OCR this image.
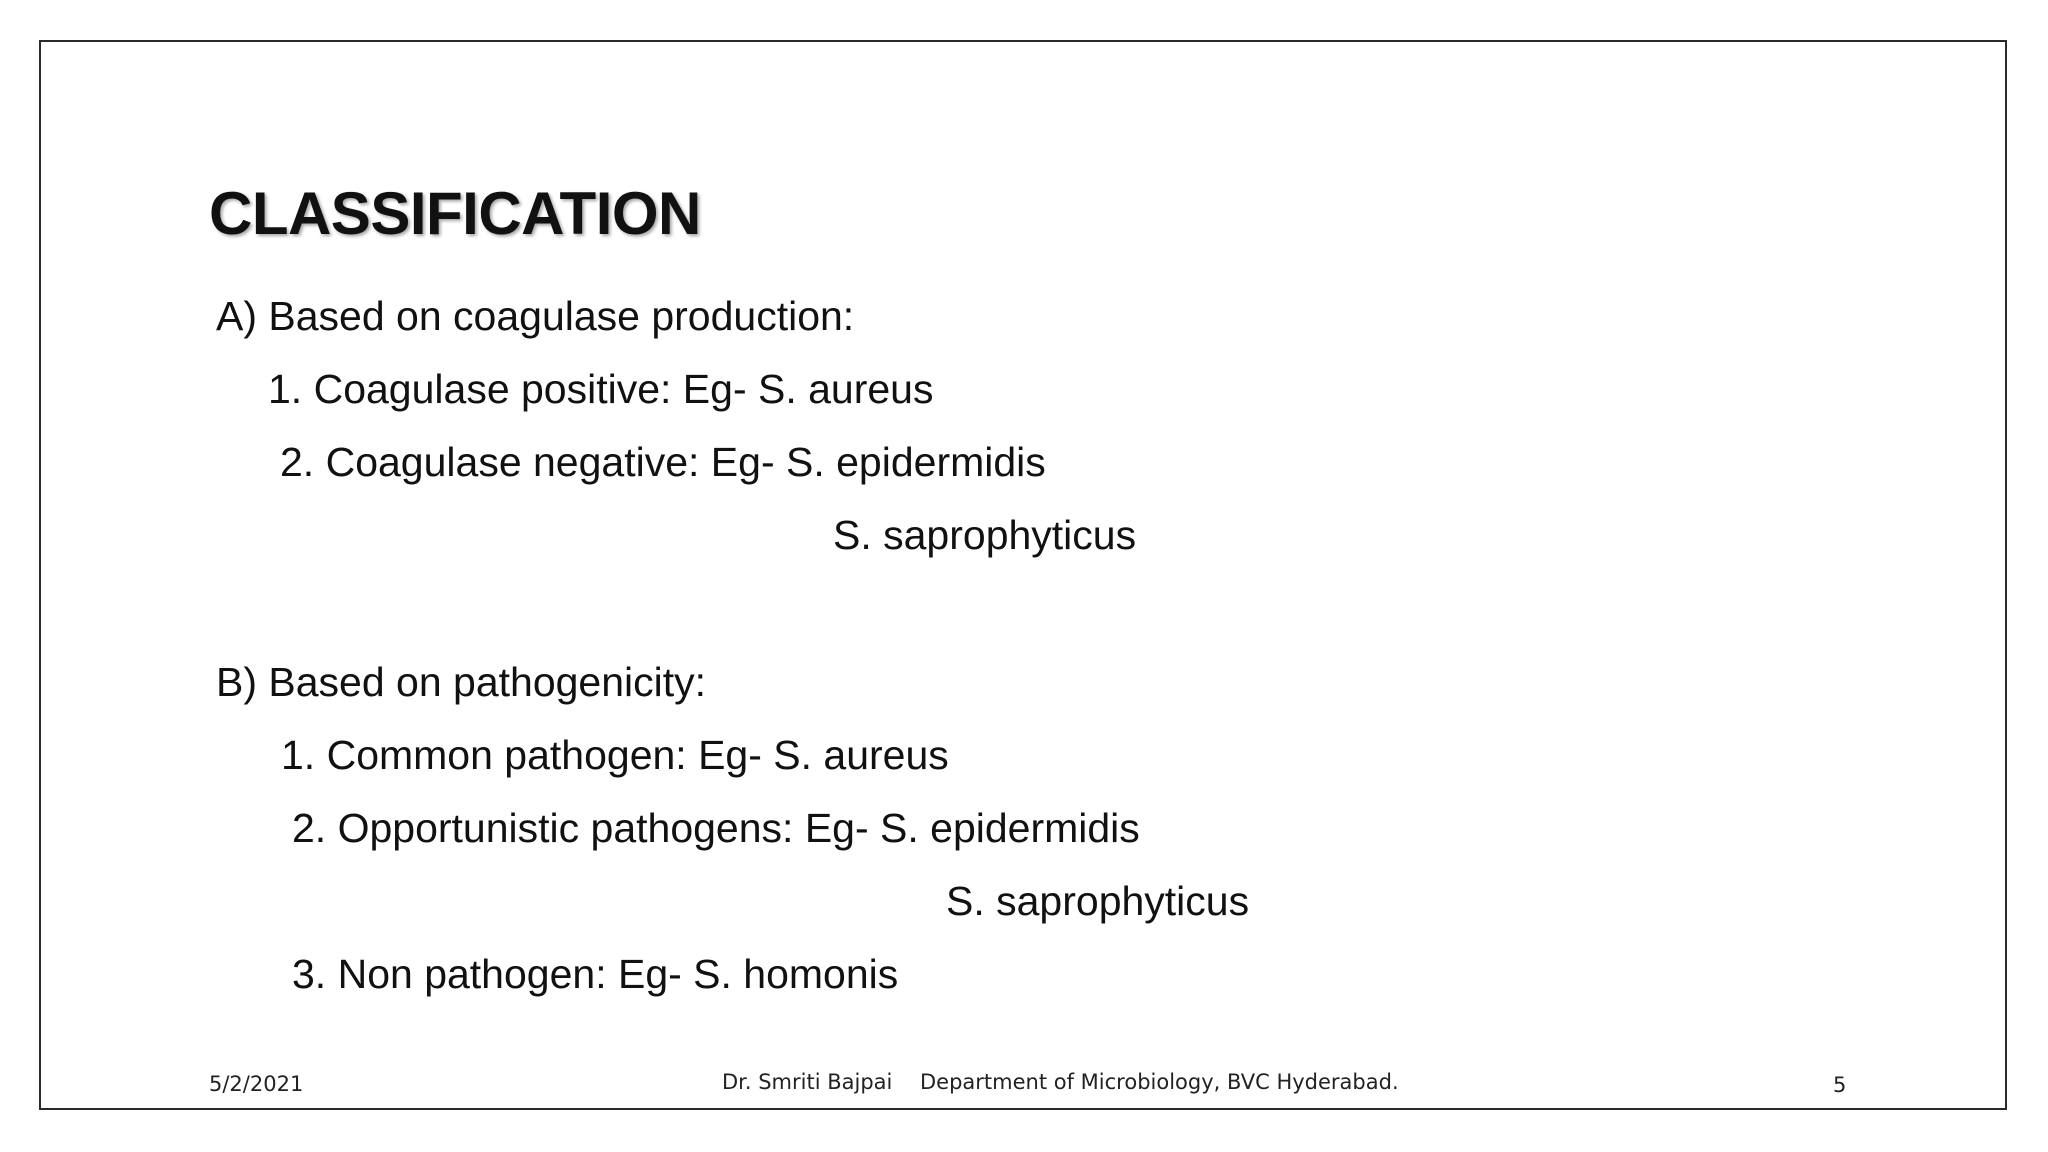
CLASSIFICATION
A) Based on coagulase production:
1. Coagulase positive: Eg- S. aureus
2. Coagulase negative: Eg- S. epidermidis
S. saprophyticus
B) Based on pathogenicity:
1. Common pathogen: Eg- S. aureus
2. Opportunistic pathogens: Eg- S. epidermidis
S. saprophyticus
3. Non pathogen: Eg- S. homonis
5/2/2021	Dr. Smriti Bajpai Department of Microbiology, BVC Hyderabad.	5
